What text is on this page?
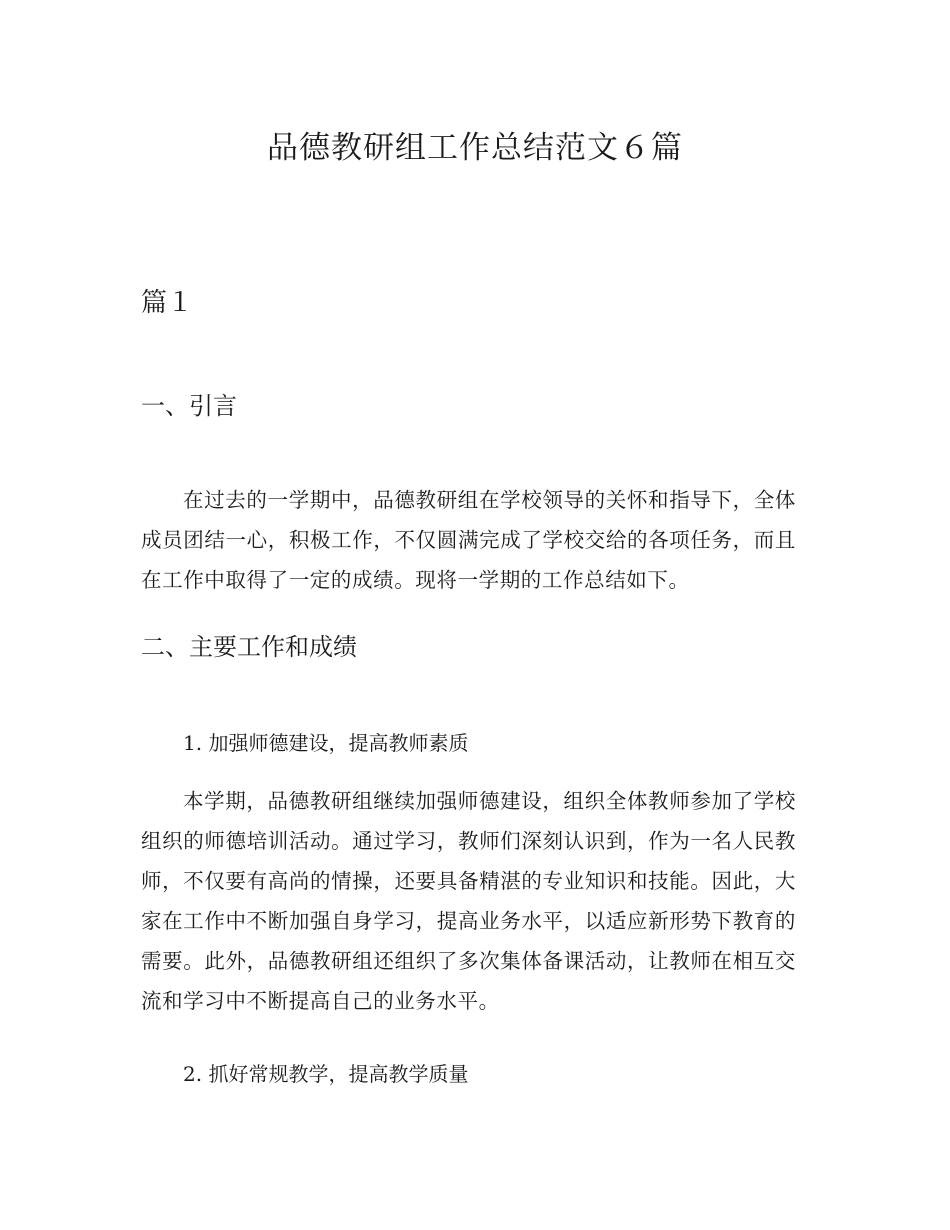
品德教研组工作总结范文６篇
篇１
一、引言

在过去的一学期中，品德教研组在学校领导的关怀和指导下，全体成员团结一心，积极工作，不仅圆满完成了学校交给的各项任务，而且在工作中取得了一定的成绩。现将一学期的工作总结如下。

二、主要工作和成绩
1. 加强师德建设，提高教师素质

本学期，品德教研组继续加强师德建设，组织全体教师参加了学校组织的师德培训活动。通过学习，教师们深刻认识到，作为一名人民教师，不仅要有高尚的情操，还要具备精湛的专业知识和技能。因此，大家在工作中不断加强自身学习，提高业务水平，以适应新形势下教育的需要。此外，品德教研组还组织了多次集体备课活动，让教师在相互交流和学习中不断提高自己的业务水平。

2. 抓好常规教学，提高教学质量
